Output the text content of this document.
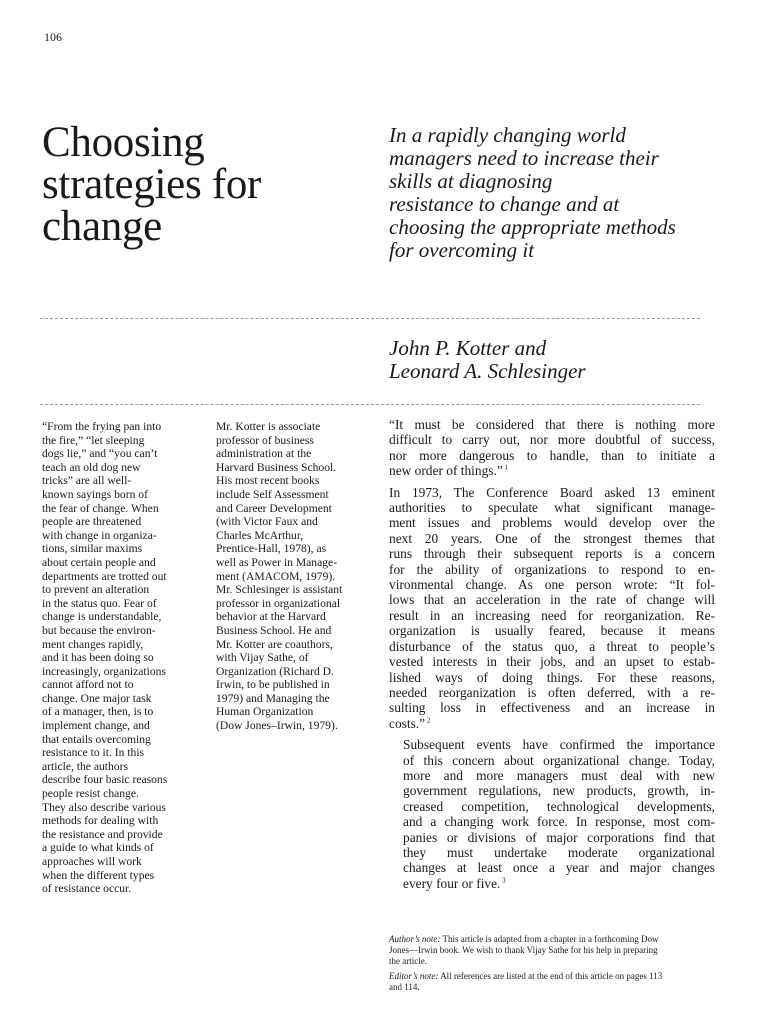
106
Choosing
strategies for
change
In a rapidly changing world
managers need to increase their
skills at diagnosing
resistance to change and at
choosing the appropriate methods
for overcoming it
John P. Kotter and
Leonard A. Schlesinger
“From the frying pan into
the fire,” “let sleeping
dogs lie,” and “you can’t
teach an old dog new
tricks” are all well-
known sayings born of
the fear of change. When
people are threatened
with change in organiza-
tions, similar maxims
about certain people and
departments are trotted out
to prevent an alteration
in the status quo. Fear of
change is understandable,
but because the environ-
ment changes rapidly,
and it has been doing so
increasingly, organizations
cannot afford not to
change. One major task
of a manager, then, is to
implement change, and
that entails overcoming
resistance to it. In this
article, the authors
describe four basic reasons
people resist change.
They also describe various
methods for dealing with
the resistance and provide
a guide to what kinds of
approaches will work
when the different types
of resistance occur.
Mr. Kotter is associate
professor of business
administration at the
Harvard Business School.
His most recent books
include Self Assessment
and Career Development
(with Victor Faux and
Charles McArthur,
Prentice-Hall, 1978), as
well as Power in Manage-
ment (AMACOM, 1979).
Mr. Schlesinger is assistant
professor in organizational
behavior at the Harvard
Business School. He and
Mr. Kotter are coauthors,
with Vijay Sathe, of
Organization (Richard D.
Irwin, to be published in
1979) and Managing the
Human Organization
(Dow Jones–Irwin, 1979).
“It must be considered that there is nothing more
difficult to carry out, nor more doubtful of success,
nor more dangerous to handle, than to initiate a
new order of things.” $^1$
In 1973, The Conference Board asked 13 eminent
authorities to speculate what significant manage-
ment issues and problems would develop over the
next 20 years. One of the strongest themes that
runs through their subsequent reports is a concern
for the ability of organizations to respond to en-
vironmental change. As one person wrote: “It fol-
lows that an acceleration in the rate of change will
result in an increasing need for reorganization. Re-
organization is usually feared, because it means
disturbance of the status quo, a threat to people’s
vested interests in their jobs, and an upset to estab-
lished ways of doing things. For these reasons,
needed reorganization is often deferred, with a re-
sulting loss in effectiveness and an increase in
costs.” $^2$
Subsequent events have confirmed the importance
of this concern about organizational change. Today,
more and more managers must deal with new
government regulations, new products, growth, in-
creased competition, technological developments,
and a changing work force. In response, most com-
panies or divisions of major corporations find that
they must undertake moderate organizational
changes at least once a year and major changes
every four or five. $^3$
Author’s note: This article is adapted from a chapter in a forthcoming Dow
Jones—Irwin book. We wish to thank Vijay Sathe for his help in preparing
the article.
Editor’s note: All references are listed at the end of this article on pages 113
and 114.
